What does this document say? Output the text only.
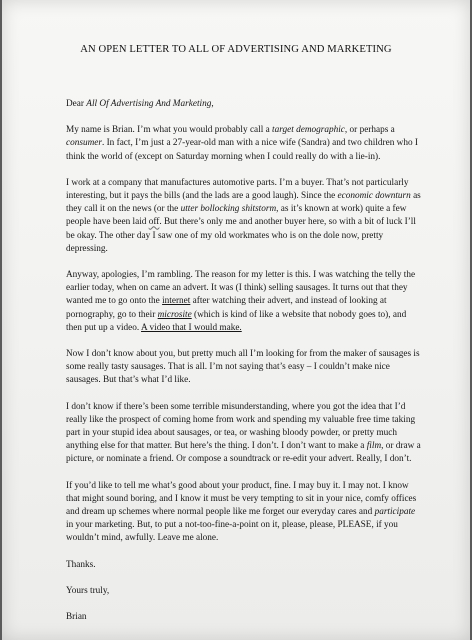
AN OPEN LETTER TO ALL OF ADVERTISING AND MARKETING

Dear All Of Advertising And Marketing,

My name is Brian. I’m what you would probably call a target demographic, or perhaps a consumer. In fact, I’m just a 27-year-old man with a nice wife (Sandra) and two children who I think the world of (except on Saturday morning when I could really do with a lie-in).

I work at a company that manufactures automotive parts. I’m a buyer. That’s not particularly interesting, but it pays the bills (and the lads are a good laugh). Since the economic downturn as they call it on the news (or the utter bollocking shitstorm, as it’s known at work) quite a few people have been laid off. But there’s only me and another buyer here, so with a bit of luck I’ll be okay. The other day I saw one of my old workmates who is on the dole now, pretty depressing.

Anyway, apologies, I’m rambling. The reason for my letter is this. I was watching the telly the earlier today, when on came an advert. It was (I think) selling sausages. It turns out that they wanted me to go onto the internet after watching their advert, and instead of looking at pornography, go to their microsite (which is kind of like a website that nobody goes to), and then put up a video. A video that I would make.

Now I don’t know about you, but pretty much all I’m looking for from the maker of sausages is some really tasty sausages. That is all. I’m not saying that’s easy – I couldn’t make nice sausages. But that’s what I’d like.

I don’t know if there’s been some terrible misunderstanding, where you got the idea that I’d really like the prospect of coming home from work and spending my valuable free time taking part in your stupid idea about sausages, or tea, or washing bloody powder, or pretty much anything else for that matter. But here’s the thing. I don’t. I don’t want to make a film, or draw a picture, or nominate a friend. Or compose a soundtrack or re-edit your advert. Really, I don’t.

If you’d like to tell me what’s good about your product, fine. I may buy it. I may not. I know that might sound boring, and I know it must be very tempting to sit in your nice, comfy offices and dream up schemes where normal people like me forget our everyday cares and participate in your marketing. But, to put a not-too-fine-a-point on it, please, please, PLEASE, if you wouldn’t mind, awfully. Leave me alone.

Thanks.

Yours truly,

Brian
